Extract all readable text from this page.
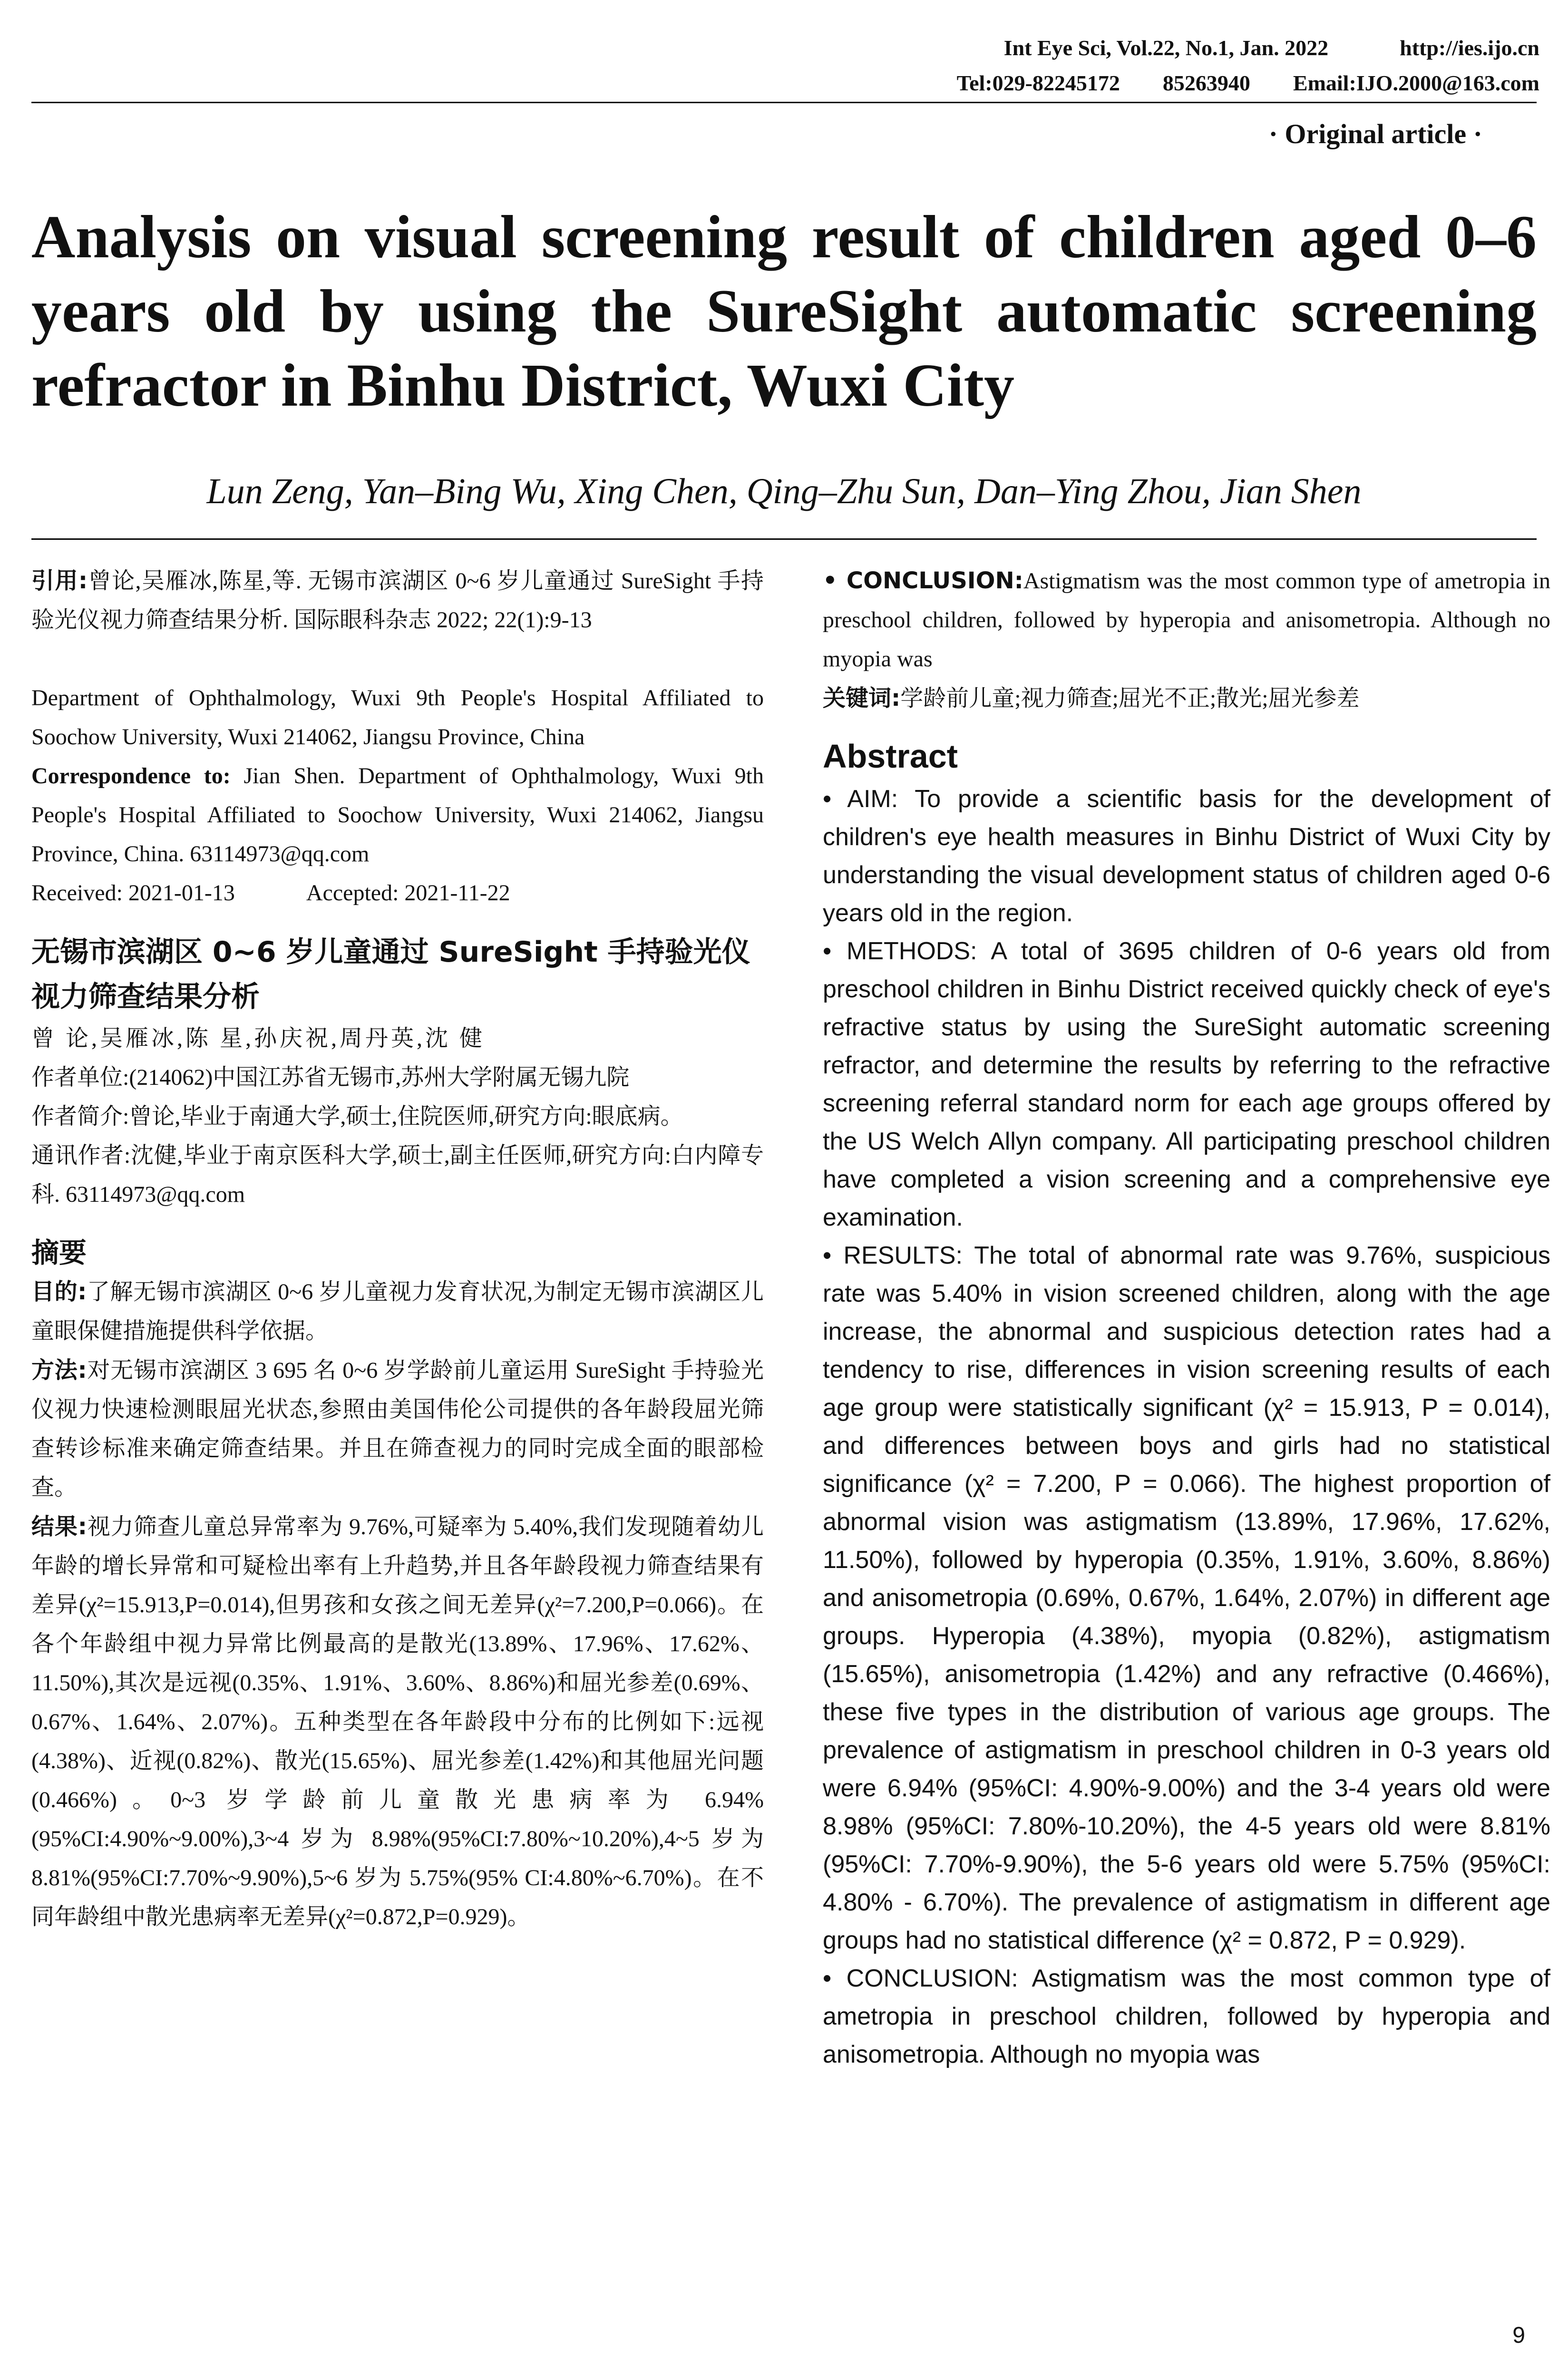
Int Eye Sci, Vol.22, No.1, Jan. 2022	http://ies.ijo.cn
Tel:029-82245172 85263940 Email:IJO.2000@163.com
· Original article ·
Analysis on visual screening result of children aged 0–6 years old by using the SureSight automatic screening refractor in Binhu District, Wuxi City
Lun Zeng, Yan–Bing Wu, Xing Chen, Qing–Zhu Sun, Dan–Ying Zhou, Jian Shen

引用:曾论,吴雁冰,陈星,等. 无锡市滨湖区 0~6 岁儿童通过 SureSight 手持验光仪视力筛查结果分析. 国际眼科杂志 2022; 22(1):9-13

Department of Ophthalmology, Wuxi 9th People's Hospital Affiliated to Soochow University, Wuxi 214062, Jiangsu Province, China

Correspondence to: Jian Shen. Department of Ophthalmology, Wuxi 9th People's Hospital Affiliated to Soochow University, Wuxi 214062, Jiangsu Province, China. 63114973@qq.com

Received: 2021-01-13	Accepted: 2021-11-22

无锡市滨湖区 0~6 岁儿童通过 SureSight 手持验光仪视力筛查结果分析

曾 论,吴雁冰,陈 星,孙庆祝,周丹英,沈 健

作者单位:(214062)中国江苏省无锡市,苏州大学附属无锡九院

作者简介:曾论,毕业于南通大学,硕士,住院医师,研究方向:眼底病。

通讯作者:沈健,毕业于南京医科大学,硕士,副主任医师,研究方向:白内障专科. 63114973@qq.com

摘要

目的:了解无锡市滨湖区 0~6 岁儿童视力发育状况,为制定无锡市滨湖区儿童眼保健措施提供科学依据。

方法:对无锡市滨湖区 3 695 名 0~6 岁学龄前儿童运用 SureSight 手持验光仪视力快速检测眼屈光状态,参照由美国伟伦公司提供的各年龄段屈光筛查转诊标准来确定筛查结果。并且在筛查视力的同时完成全面的眼部检查。

结果:视力筛查儿童总异常率为 9.76%,可疑率为 5.40%,我们发现随着幼儿年龄的增长异常和可疑检出率有上升趋势,并且各年龄段视力筛查结果有差异(χ²=15.913,P=0.014),但男孩和女孩之间无差异(χ²=7.200,P=0.066)。在各个年龄组中视力异常比例最高的是散光(13.89%、17.96%、17.62%、11.50%),其次是远视(0.35%、1.91%、3.60%、8.86%)和屈光参差(0.69%、0.67%、1.64%、2.07%)。五种类型在各年龄段中分布的比例如下:远视(4.38%)、近视(0.82%)、散光(15.65%)、屈光参差(1.42%)和其他屈光问题(0.466%)。0~3 岁学龄前儿童散光患病率为 6.94%(95%CI:4.90%~9.00%),3~4 岁为 8.98%(95%CI:7.80%~10.20%),4~5 岁为 8.81%(95%CI:7.70%~9.90%),5~6 岁为 5.75%(95% CI:4.80%~6.70%)。在不同年龄组中散光患病率无差异(χ²=0.872,P=0.929)。

• CONCLUSION:Astigmatism was the most common type of ametropia in preschool children, followed by hyperopia and anisometropia. Although no myopia was

关键词:学龄前儿童;视力筛查;屈光不正;散光;屈光参差

Abstract

• AIM: To provide a scientific basis for the development of children's eye health measures in Binhu District of Wuxi City by understanding the visual development status of children aged 0-6 years old in the region.

• METHODS: A total of 3695 children of 0-6 years old from preschool children in Binhu District received quickly check of eye's refractive status by using the SureSight automatic screening refractor, and determine the results by referring to the refractive screening referral standard norm for each age groups offered by the US Welch Allyn company. All participating preschool children have completed a vision screening and a comprehensive eye examination.

• RESULTS: The total of abnormal rate was 9.76%, suspicious rate was 5.40% in vision screened children, along with the age increase, the abnormal and suspicious detection rates had a tendency to rise, differences in vision screening results of each age group were statistically significant (χ² = 15.913, P = 0.014), and differences between boys and girls had no statistical significance (χ² = 7.200, P = 0.066). The highest proportion of abnormal vision was astigmatism (13.89%, 17.96%, 17.62%, 11.50%), followed by hyperopia (0.35%, 1.91%, 3.60%, 8.86%) and anisometropia (0.69%, 0.67%, 1.64%, 2.07%) in different age groups. Hyperopia (4.38%), myopia (0.82%), astigmatism (15.65%), anisometropia (1.42%) and any refractive (0.466%), these five types in the distribution of various age groups. The prevalence of astigmatism in preschool children in 0-3 years old were 6.94% (95%CI: 4.90%-9.00%) and the 3-4 years old were 8.98% (95%CI: 7.80%-10.20%), the 4-5 years old were 8.81% (95%CI: 7.70%-9.90%), the 5-6 years old were 5.75% (95%CI: 4.80% - 6.70%). The prevalence of astigmatism in different age groups had no statistical difference (χ² = 0.872, P = 0.929).

• CONCLUSION: Astigmatism was the most common type of ametropia in preschool children, followed by hyperopia and anisometropia. Although no myopia was

9
